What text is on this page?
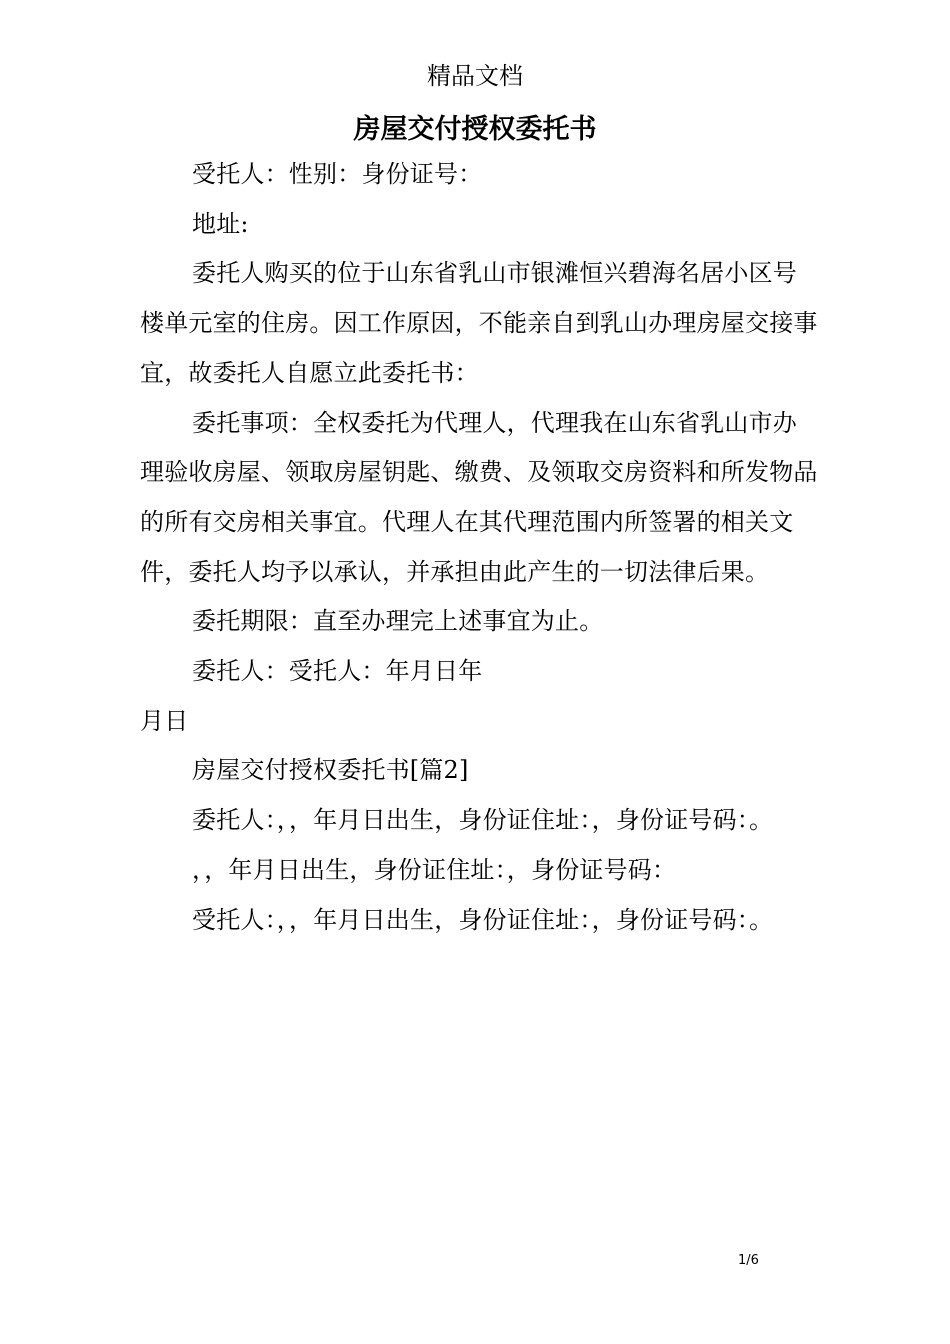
精品文档
房屋交付授权委托书

受托人：性别：身份证号：

地址:

委托人购买的位于山东省乳山市银滩恒兴碧海名居小区号楼单元室的住房。因工作原因，不能亲自到乳山办理房屋交接事宜，故委托人自愿立此委托书：

委托事项：全权委托为代理人，代理我在山东省乳山市办理验收房屋、领取房屋钥匙、缴费、及领取交房资料和所发物品的所有交房相关事宜。代理人在其代理范围内所签署的相关文件，委托人均予以承认，并承担由此产生的一切法律后果。

委托期限：直至办理完上述事宜为止。

委托人：受托人：年月日年

月日

房屋交付授权委托书[篇2]

委托人：，，年月日出生，身份证住址：，身份证号码：。

，，年月日出生，身份证住址：，身份证号码：

受托人：，，年月日出生，身份证住址：，身份证号码：。

1/6
